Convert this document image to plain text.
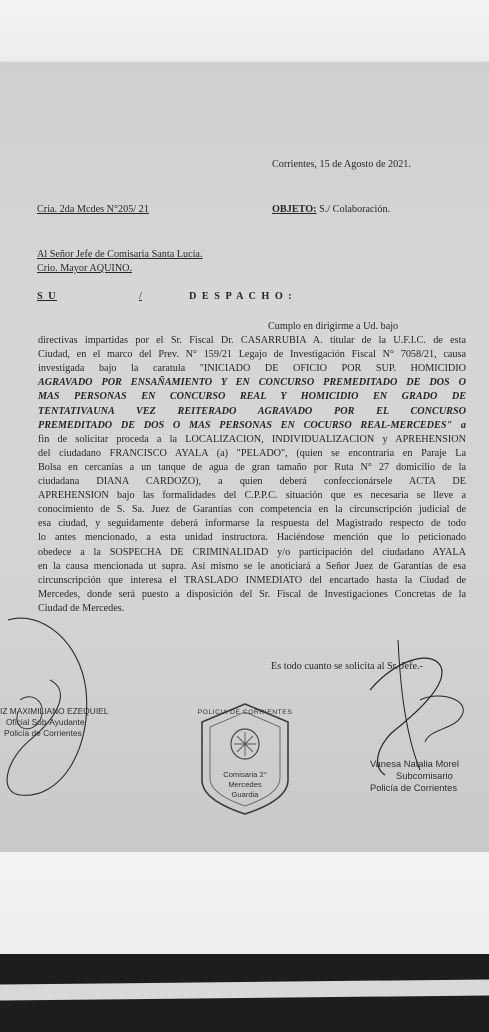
Corrientes, 15 de Agosto de 2021.
Cria. 2da Mcdes N°205/ 21	OBJETO: S./ Colaboración.
Al Señor Jefe de Comisaria Santa Lucia.
Crio. Mayor AQUINO.
S U	/	D E S P A C H O :
Cumplo en dirigirme a Ud. bajo
directivas impartidas por el Sr. Fiscal Dr. CASARRUBIA A. titular de la U.F.I.C. de esta
Ciudad, en el marco del Prev. N° 159/21 Legajo de Investigación Fiscal N° 7058/21, causa
investigada bajo la caratula "INICIADO DE OFICIO POR SUP. HOMICIDIO
AGRAVADO POR ENSAÑAMIENTO Y EN CONCURSO PREMEDITADO DE DOS O
MAS PERSONAS EN CONCURSO REAL Y HOMICIDIO EN GRADO DE
TENTATIVAUNA VEZ REITERADO AGRAVADO POR EL CONCURSO
PREMEDITADO DE DOS O MAS PERSONAS EN COCURSO REAL-MERCEDES" a
fin de solicitar proceda a la LOCALIZACION, INDIVIDUALIZACION y APREHENSION
del ciudadano FRANCISCO AYALA (a) "PELADO", (quien se encontraria en Paraje La
Bolsa en cercanías a un tanque de agua de gran tamaño por Ruta N° 27 domicilio de la
ciudadana DIANA CARDOZO), a quien deberá confeccionársele ACTA DE
APREHENSION bajo las formalidades del C.P.P.C. situación que es necesaria se lleve a
conocimiento de S. Sa. Juez de Garantías con competencia en la circunscripción judicial de
esa ciudad, y seguidamente deberá informarse la respuesta del Magistrado respecto de todo
lo antes mencionado, a esta unidad instructora. Haciéndose mención que lo peticionado
obedece a la SOSPECHA DE CRIMINALIDAD y/o participación del ciudadano AYALA
en la causa mencionada ut supra. Así mismo se le anoticiará a Señor Juez de Garantías de esa
circunscripción que interesa el TRASLADO INMEDIATO del encartado hasta la Ciudad de
Mercedes, donde será puesto a disposición del Sr. Fiscal de Investigaciones Concretas de la
Ciudad de Mercedes.
Es todo cuanto se solicita al Sr. Jefe.-
IZ MAXIMILIANO EZEQUIEL
Oficial Sub-Ayudante
Policía de Corrientes
POLICIA DE CORRIENTES
Comisaria 2°
Mercedes
Guardia
Vanesa Natalia Morel
Subcomisario
Policía de Corrientes
